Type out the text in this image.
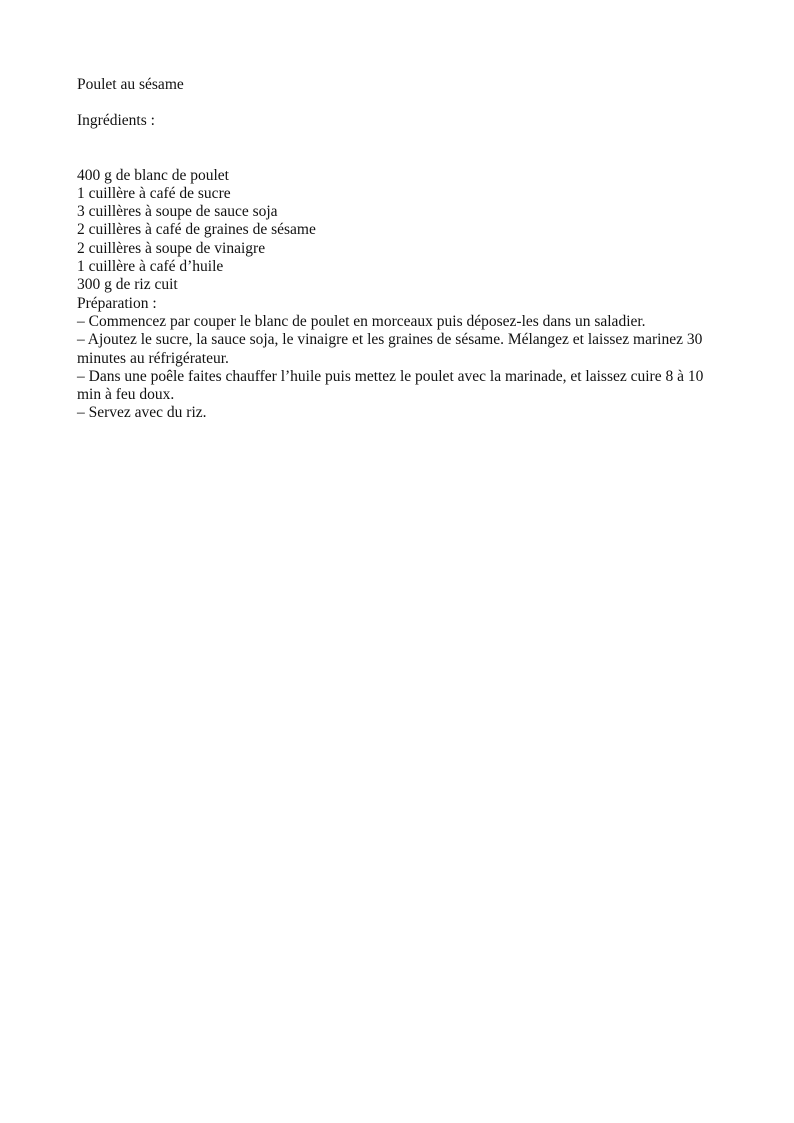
Poulet au sésame

Ingrédients :

400 g de blanc de poulet
1 cuillère à café de sucre
3 cuillères à soupe de sauce soja
2 cuillères à café de graines de sésame
2 cuillères à soupe de vinaigre
1 cuillère à café d’huile
300 g de riz cuit

Préparation :

– Commencez par couper le blanc de poulet en morceaux puis déposez-les dans un saladier.

– Ajoutez le sucre, la sauce soja, le vinaigre et les graines de sésame. Mélangez et laissez marinez 30 minutes au réfrigérateur.

– Dans une poêle faites chauffer l’huile puis mettez le poulet avec la marinade, et laissez cuire 8 à 10 min à feu doux.

– Servez avec du riz.
